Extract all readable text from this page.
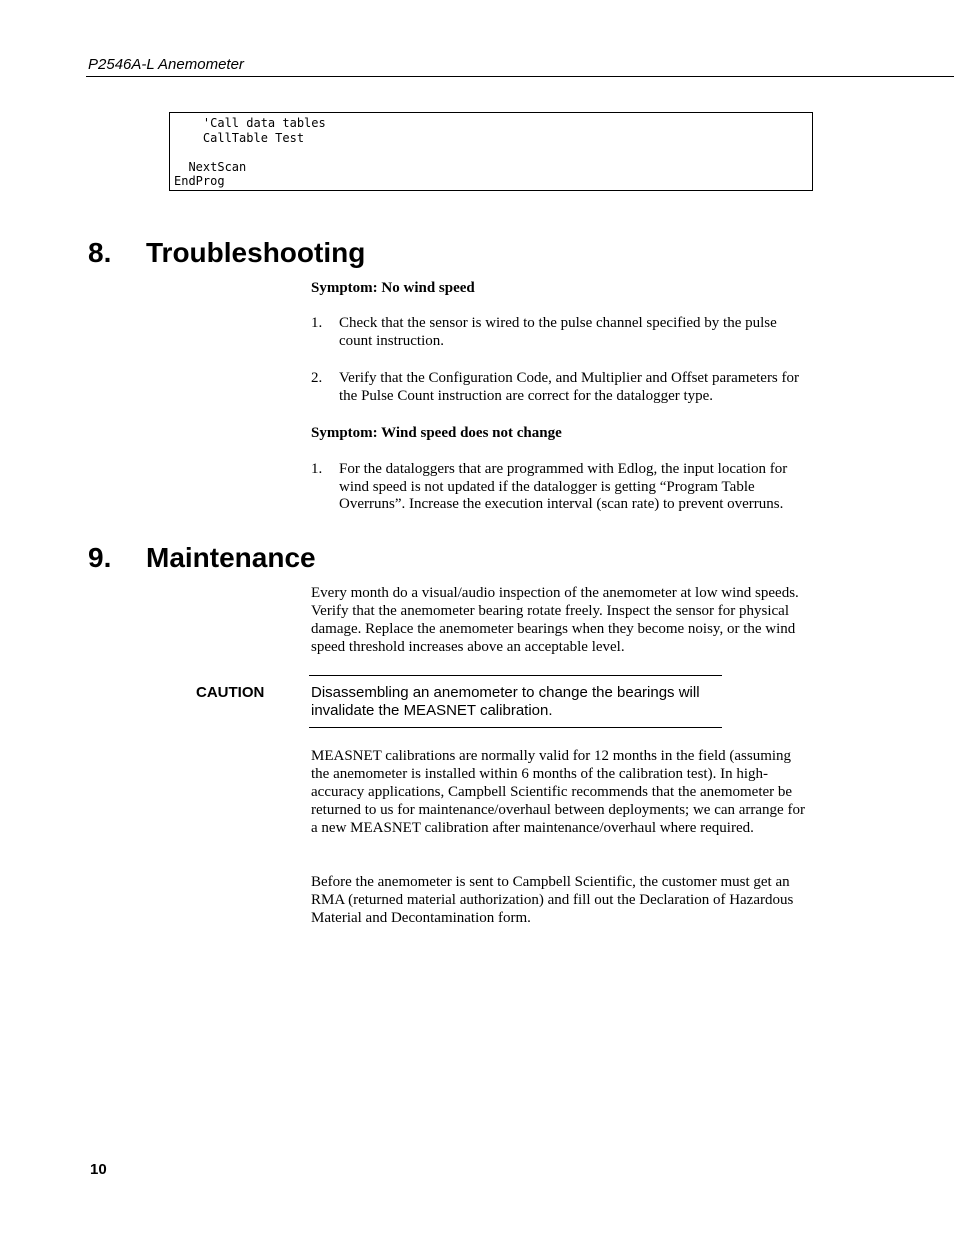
P2546A-L Anemometer

'Call data tables
CallTable Test
NextScan
EndProg
8. Troubleshooting

Symptom: No wind speed

1. Check that the sensor is wired to the pulse channel specified by the pulse count instruction.
2. Verify that the Configuration Code, and Multiplier and Offset parameters for the Pulse Count instruction are correct for the datalogger type.

Symptom: Wind speed does not change

1. For the dataloggers that are programmed with Edlog, the input location for wind speed is not updated if the datalogger is getting “Program Table Overruns”. Increase the execution interval (scan rate) to prevent overruns.
9. Maintenance

Every month do a visual/audio inspection of the anemometer at low wind speeds. Verify that the anemometer bearing rotate freely. Inspect the sensor for physical damage. Replace the anemometer bearings when they become noisy, or the wind speed threshold increases above an acceptable level.

CAUTION	Disassembling an anemometer to change the bearings will invalidate the MEASNET calibration.

MEASNET calibrations are normally valid for 12 months in the field (assuming the anemometer is installed within 6 months of the calibration test). In high-accuracy applications, Campbell Scientific recommends that the anemometer be returned to us for maintenance/overhaul between deployments; we can arrange for a new MEASNET calibration after maintenance/overhaul where required.

Before the anemometer is sent to Campbell Scientific, the customer must get an RMA (returned material authorization) and fill out the Declaration of Hazardous Material and Decontamination form.

10
